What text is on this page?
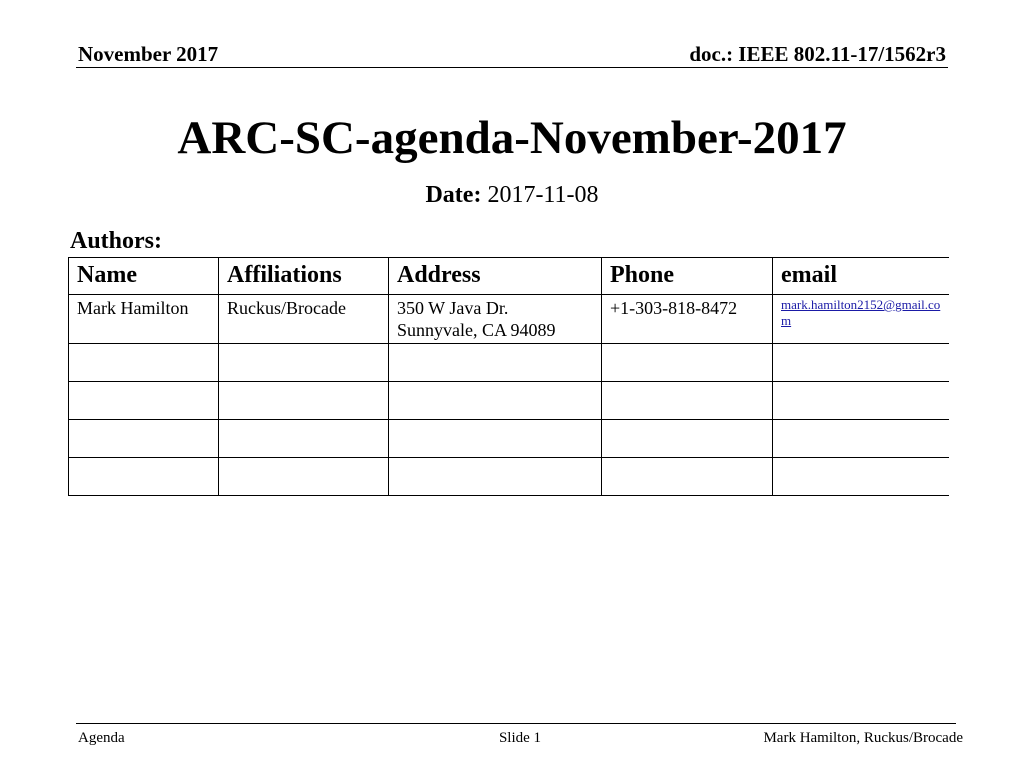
November 2017	doc.: IEEE 802.11-17/1562r3
ARC-SC-agenda-November-2017
Date: 2017-11-08
Authors:
Name	Affiliations	Address	Phone	email
Mark Hamilton	Ruckus/Brocade	350 W Java Dr.
Sunnyvale, CA 94089	+1-303-818-8472	mark.hamilton2152@gmail.com

Agenda	Slide 1	Mark Hamilton, Ruckus/Brocade
